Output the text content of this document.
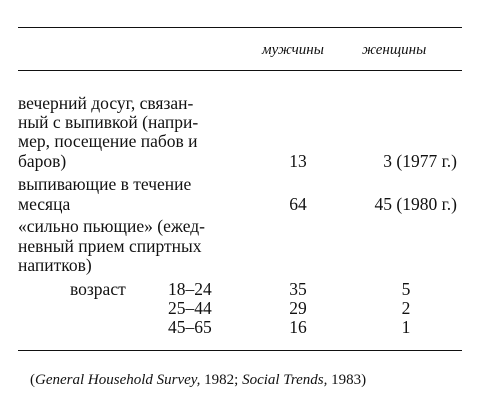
мужчины	женщины
вечерний досуг, связан-
ный с выпивкой (напри-
мер, посещение пабов и
баров)	13	3 (1977 г.)
выпивающие в течение
месяца	64	45 (1980 г.)
«сильно пьющие» (ежед-
невный прием спиртных
напитков)
возраст 18–24	35	5
25–44	29	2
45–65	16	1
(General Household Survey, 1982; Social Trends, 1983)
